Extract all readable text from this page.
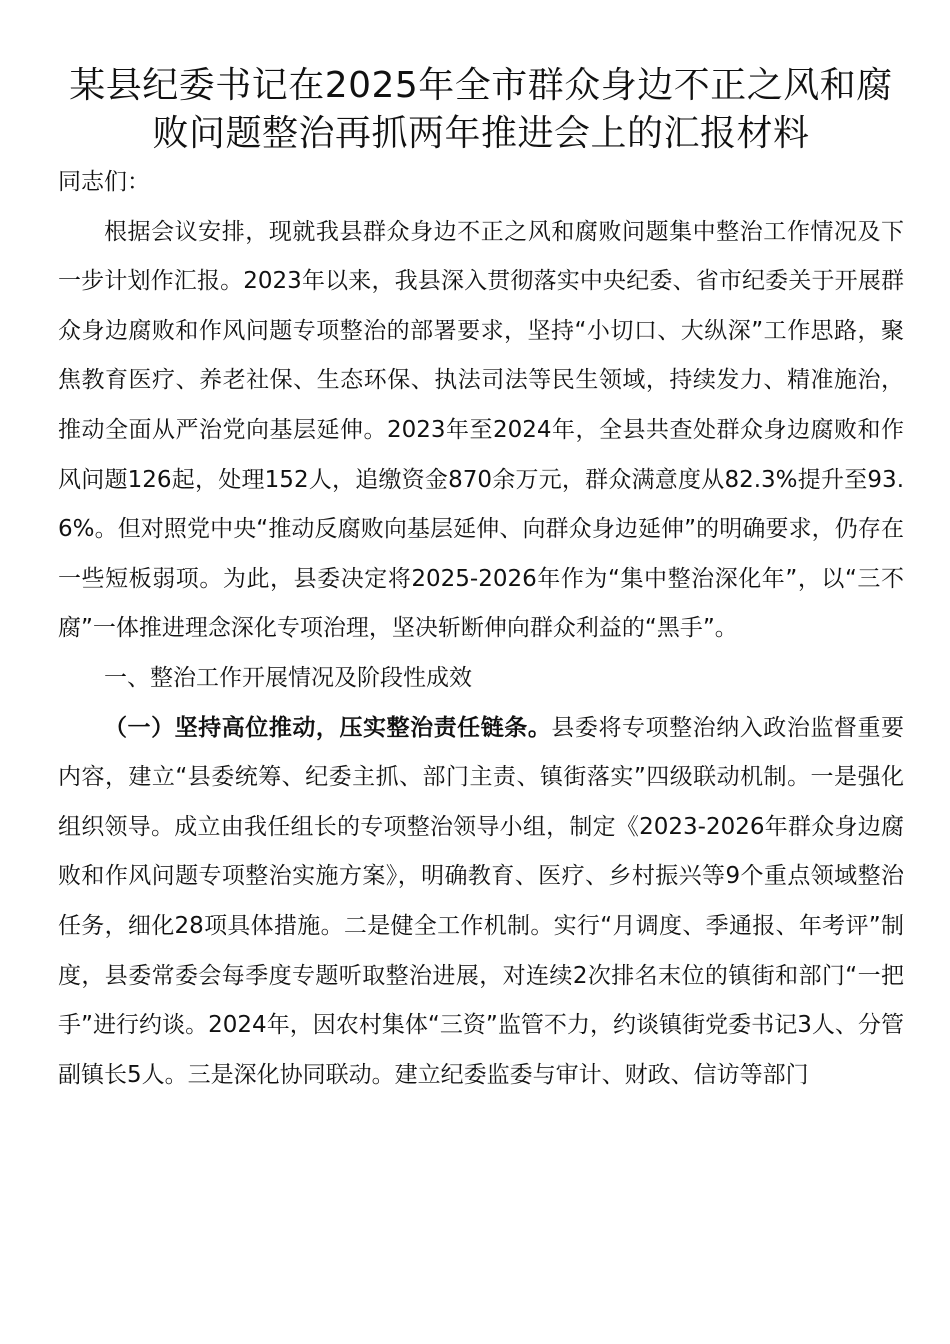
某县纪委书记在2025年全市群众身边不正之风和腐败问题整治再抓两年推进会上的汇报材料

同志们：

根据会议安排，现就我县群众身边不正之风和腐败问题集中整治工作情况及下一步计划作汇报。2023年以来，我县深入贯彻落实中央纪委、省市纪委关于开展群众身边腐败和作风问题专项整治的部署要求，坚持“小切口、大纵深”工作思路，聚焦教育医疗、养老社保、生态环保、执法司法等民生领域，持续发力、精准施治，推动全面从严治党向基层延伸。2023年至2024年，全县共查处群众身边腐败和作风问题126起，处理152人，追缴资金870余万元，群众满意度从82.3%提升至93.6%。但对照党中央“推动反腐败向基层延伸、向群众身边延伸”的明确要求，仍存在一些短板弱项。为此，县委决定将2025-2026年作为“集中整治深化年”，以“三不腐”一体推进理念深化专项治理，坚决斩断伸向群众利益的“黑手”。

一、整治工作开展情况及阶段性成效

（一）坚持高位推动，压实整治责任链条。县委将专项整治纳入政治监督重要内容，建立“县委统筹、纪委主抓、部门主责、镇街落实”四级联动机制。一是强化组织领导。成立由我任组长的专项整治领导小组，制定《2023-2026年群众身边腐败和作风问题专项整治实施方案》，明确教育、医疗、乡村振兴等9个重点领域整治任务，细化28项具体措施。二是健全工作机制。实行“月调度、季通报、年考评”制度，县委常委会每季度专题听取整治进展，对连续2次排名末位的镇街和部门“一把手”进行约谈。2024年，因农村集体“三资”监管不力，约谈镇街党委书记3人、分管副镇长5人。三是深化协同联动。建立纪委监委与审计、财政、信访等部门
